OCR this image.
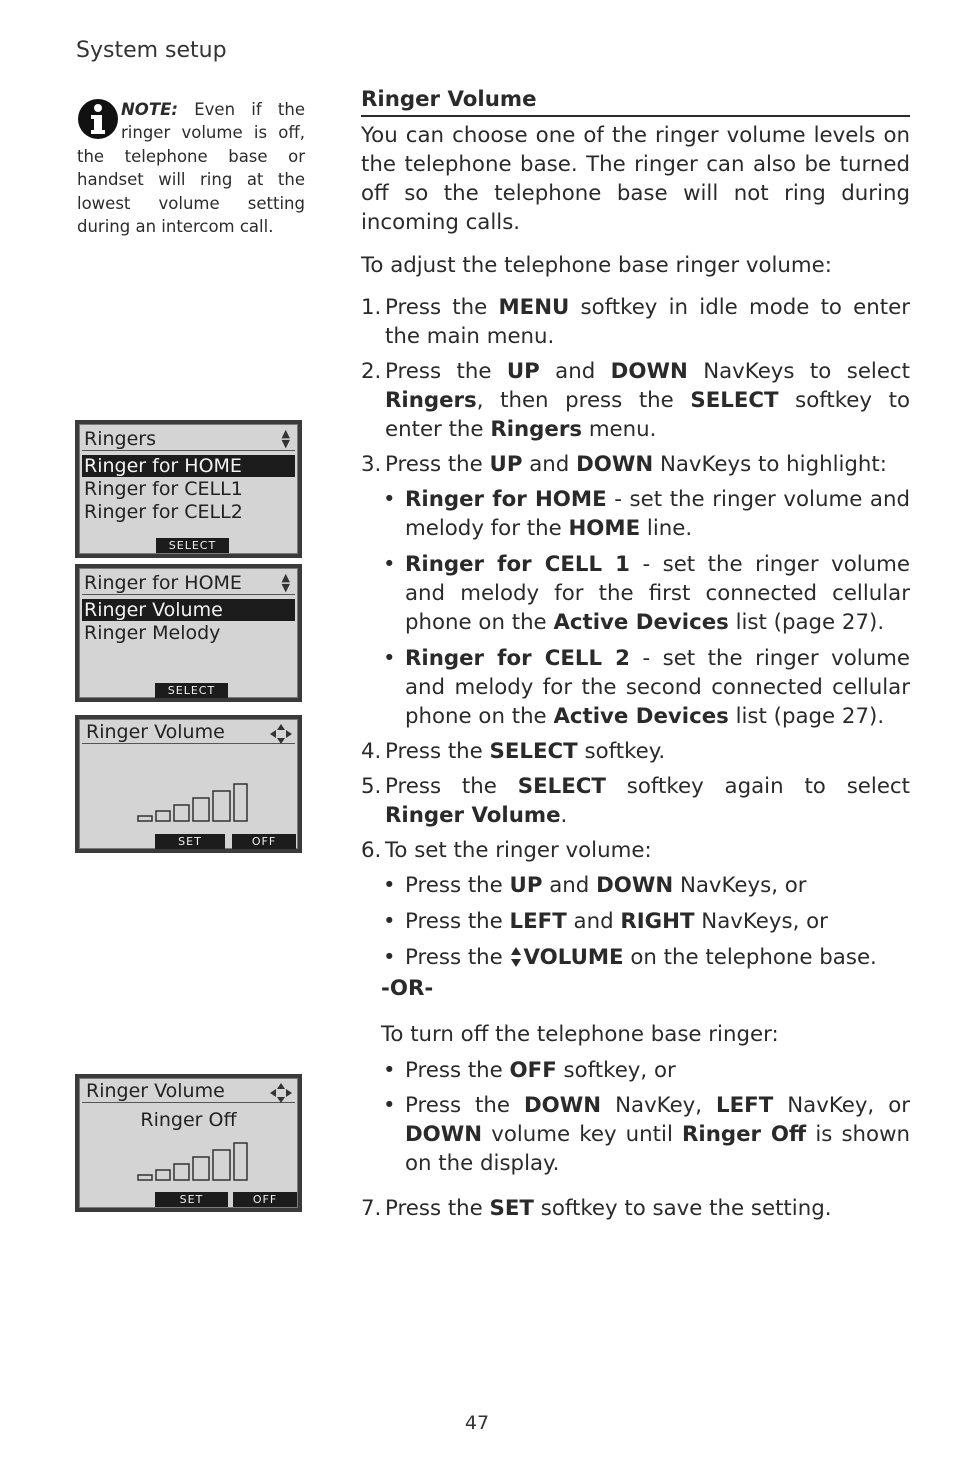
System setup
NOTE: Even if the ringer volume is off, the telephone base or handset will ring at the lowest volume setting during an intercom call.
Ringers	▲
▼
Ringer for HOME
Ringer for CELL1
Ringer for CELL2
SELECT
Ringer for HOME	▲
▼
Ringer Volume
Ringer Melody
SELECT
Ringer Volume
SET	OFF
Ringer Volume
Ringer Off
SET	OFF
Ringer Volume

You can choose one of the ringer volume levels on the telephone base. The ringer can also be turned off so the telephone base will not ring during incoming calls.

To adjust the telephone base ringer volume:

1. Press the MENU softkey in idle mode to enter the main menu.
2. Press the UP and DOWN NavKeys to select Ringers, then press the SELECT softkey to enter the Ringers menu.
3. Press the UP and DOWN NavKeys to highlight:
• Ringer for HOME - set the ringer volume and melody for the HOME line.
• Ringer for CELL 1 - set the ringer volume and melody for the first connected cellular phone on the Active Devices list (page 27).
• Ringer for CELL 2 - set the ringer volume and melody for the second connected cellular phone on the Active Devices list (page 27).
4. Press the SELECT softkey.
5. Press the SELECT softkey again to select Ringer Volume.
6. To set the ringer volume:
• Press the UP and DOWN NavKeys, or
• Press the LEFT and RIGHT NavKeys, or
• Press the VOLUME on the telephone base.
-OR-
To turn off the telephone base ringer:
• Press the OFF softkey, or
• Press the DOWN NavKey, LEFT NavKey, or DOWN volume key until Ringer Off is shown on the display.
7. Press the SET softkey to save the setting.
47
